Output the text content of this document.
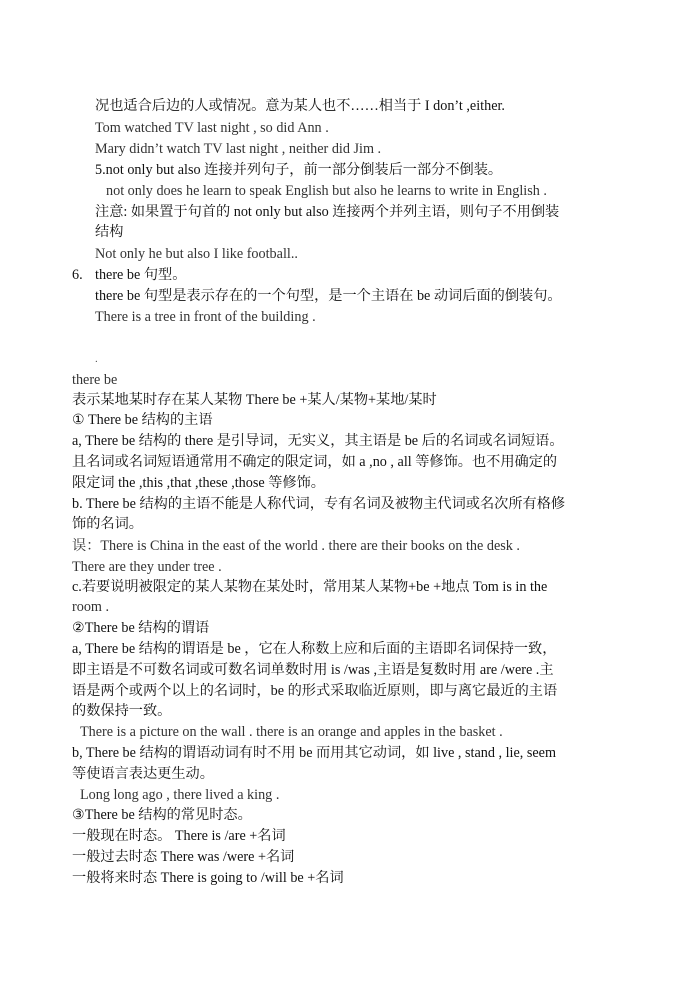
况也适合后边的人或情况。意为某人也不……相当于 I don’t ,either.
Tom watched TV last night , so did Ann .
Mary didn’t watch TV last night , neither did Jim .
5.not only but also 连接并列句子，前一部分倒装后一部分不倒装。
not only does he learn to speak English but also he learns to write in English .
注意: 如果置于句首的 not only but also 连接两个并列主语，则句子不用倒装
结构
Not only he but also I like football..
6. there be 句型。
there be 句型是表示存在的一个句型，是一个主语在 be 动词后面的倒装句。
There is a tree in front of the building .
.
there be
表示某地某时存在某人某物 There be +某人/某物+某地/某时
① There be 结构的主语
a, There be 结构的 there 是引导词，无实义，其主语是 be 后的名词或名词短语。
且名词或名词短语通常用不确定的限定词，如 a ,no , all 等修饰。也不用确定的
限定词 the ,this ,that ,these ,those 等修饰。
b. There be 结构的主语不能是人称代词，专有名词及被物主代词或名次所有格修
饰的名词。
误：There is China in the east of the world . there are their books on the desk .
There are they under tree .
c.若要说明被限定的某人某物在某处时，常用某人某物+be +地点 Tom is in the
room .
②There be 结构的谓语
a, There be 结构的谓语是 be ，它在人称数上应和后面的主语即名词保持一致，
即主语是不可数名词或可数名词单数时用 is /was ,主语是复数时用 are /were .主
语是两个或两个以上的名词时，be 的形式采取临近原则，即与离它最近的主语
的数保持一致。
There is a picture on the wall . there is an orange and apples in the basket .
b, There be 结构的谓语动词有时不用 be 而用其它动词，如 live , stand , lie, seem
等使语言表达更生动。
Long long ago , there lived a king .
③There be 结构的常见时态。
一般现在时态。 There is /are +名词
一般过去时态 There was /were +名词
一般将来时态 There is going to /will be +名词
